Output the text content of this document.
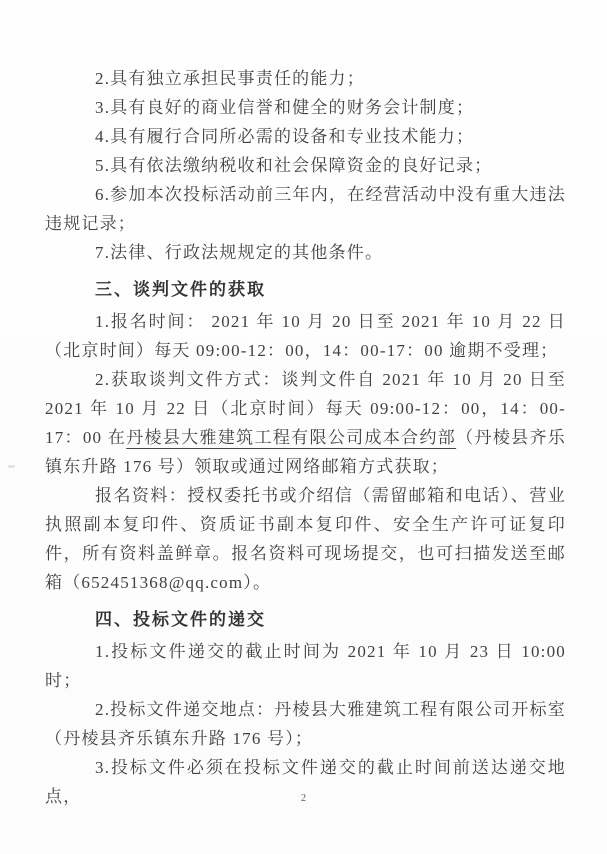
2.具有独立承担民事责任的能力；

3.具有良好的商业信誉和健全的财务会计制度；

4.具有履行合同所必需的设备和专业技术能力；

5.具有依法缴纳税收和社会保障资金的良好记录；

6.参加本次投标活动前三年内，在经营活动中没有重大违法违规记录；

7.法律、行政法规规定的其他条件。

三、谈判文件的获取

1.报名时间： 2021 年 10 月 20 日至 2021 年 10 月 22 日（北京时间）每天 09:00-12：00，14：00-17：00 逾期不受理；

2.获取谈判文件方式：谈判文件自 2021 年 10 月 20 日至 2021 年 10 月 22 日（北京时间）每天 09:00-12：00，14：00-17：00 在丹棱县大雅建筑工程有限公司成本合约部（丹棱县齐乐镇东升路 176 号）领取或通过网络邮箱方式获取；

报名资料：授权委托书或介绍信（需留邮箱和电话）、营业执照副本复印件、资质证书副本复印件、安全生产许可证复印件，所有资料盖鲜章。报名资料可现场提交，也可扫描发送至邮箱（652451368@qq.com）。

四、投标文件的递交

1.投标文件递交的截止时间为 2021 年 10 月 23 日 10:00 时；

2.投标文件递交地点：丹棱县大雅建筑工程有限公司开标室（丹棱县齐乐镇东升路 176 号）；

3.投标文件必须在投标文件递交的截止时间前送达递交地点，	2
